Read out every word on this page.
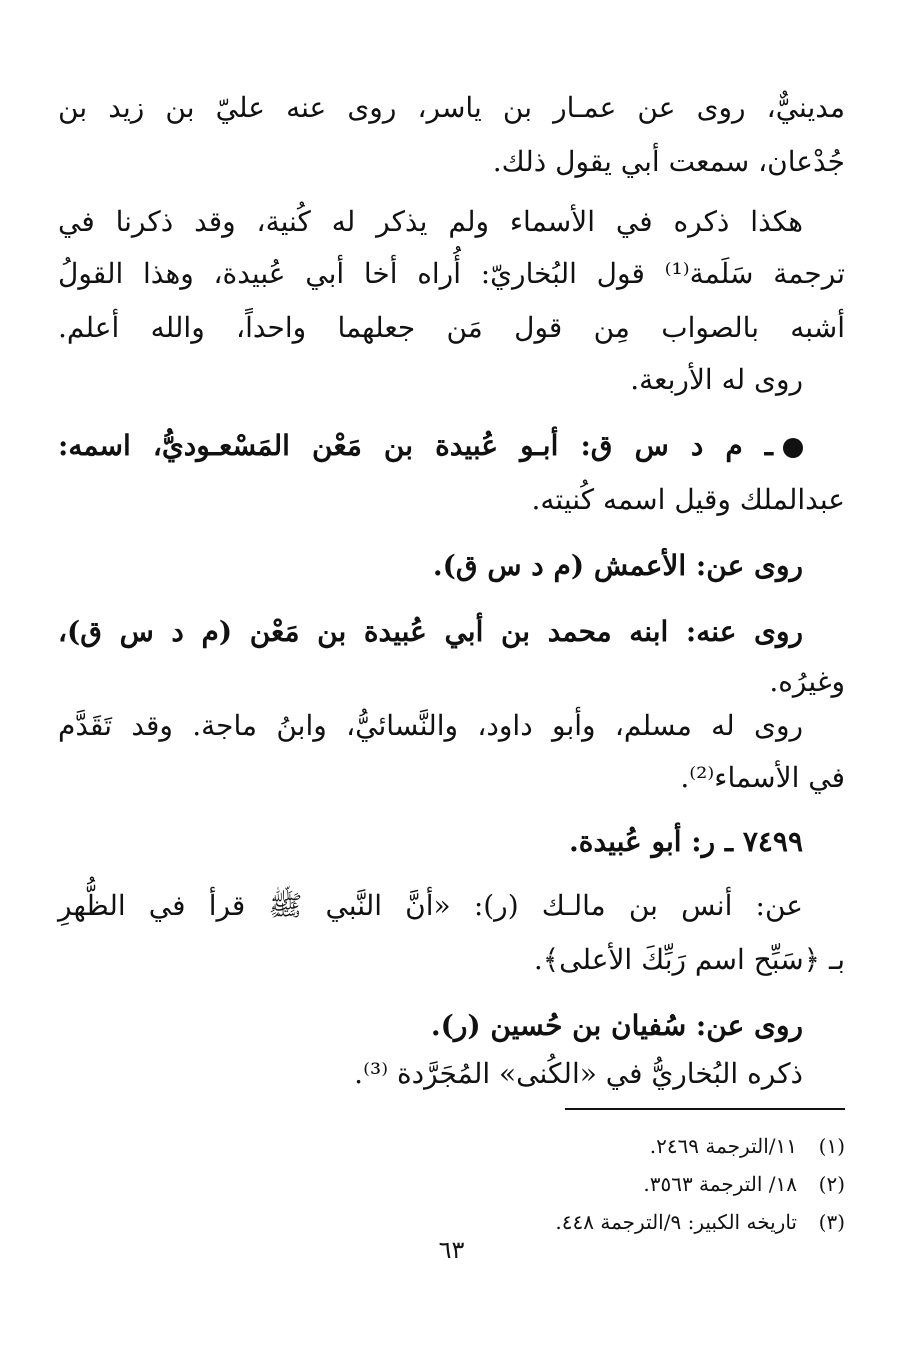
مدينيٌّ، روى عن عمـار بن ياسر، روى عنه عليّ بن زيد بن
جُدْعان، سمعت أبي يقول ذلك.
هكذا ذكره في الأسماء ولم يذكر له كُنية، وقد ذكرنا في
ترجمة سَلَمة⁽¹⁾ قول البُخاريّ: أُراه أخا أبي عُبيدة، وهذا القولُ
أشبه بالصواب مِن قول مَن جعلهما واحداً، والله أعلم.
روى له الأربعة.
ـ م د س ق: أبـو عُبيدة بن مَعْن المَسْعـوديُّ، اسمه:
عبدالملك وقيل اسمه كُنيته.
روى عن: الأعمش (م د س ق).
روى عنه: ابنه محمد بن أبي عُبيدة بن مَعْن (م د س ق)،
وغيرُه.
روى له مسلم، وأبو داود، والنَّسائيُّ، وابنُ ماجة. وقد تَقَدَّم
في الأسماء⁽²⁾.
٧٤٩٩ ـ ر: أبو عُبيدة.
عن: أنس بن مالـك (ر): «أنَّ النَّبي ﷺ قرأ في الظُّهرِ
بـ ﴿سَبِّح اسم رَبِّكَ الأعلى﴾.
روى عن: سُفيان بن حُسين (ر).
ذكره البُخاريُّ في «الكُنى» المُجَرَّدة ⁽³⁾.
(١)١١/الترجمة ٢٤٦٩.
(٢)١٨/ الترجمة ٣٥٦٣.
(٣)تاريخه الكبير: ٩/الترجمة ٤٤٨.
٦٣
